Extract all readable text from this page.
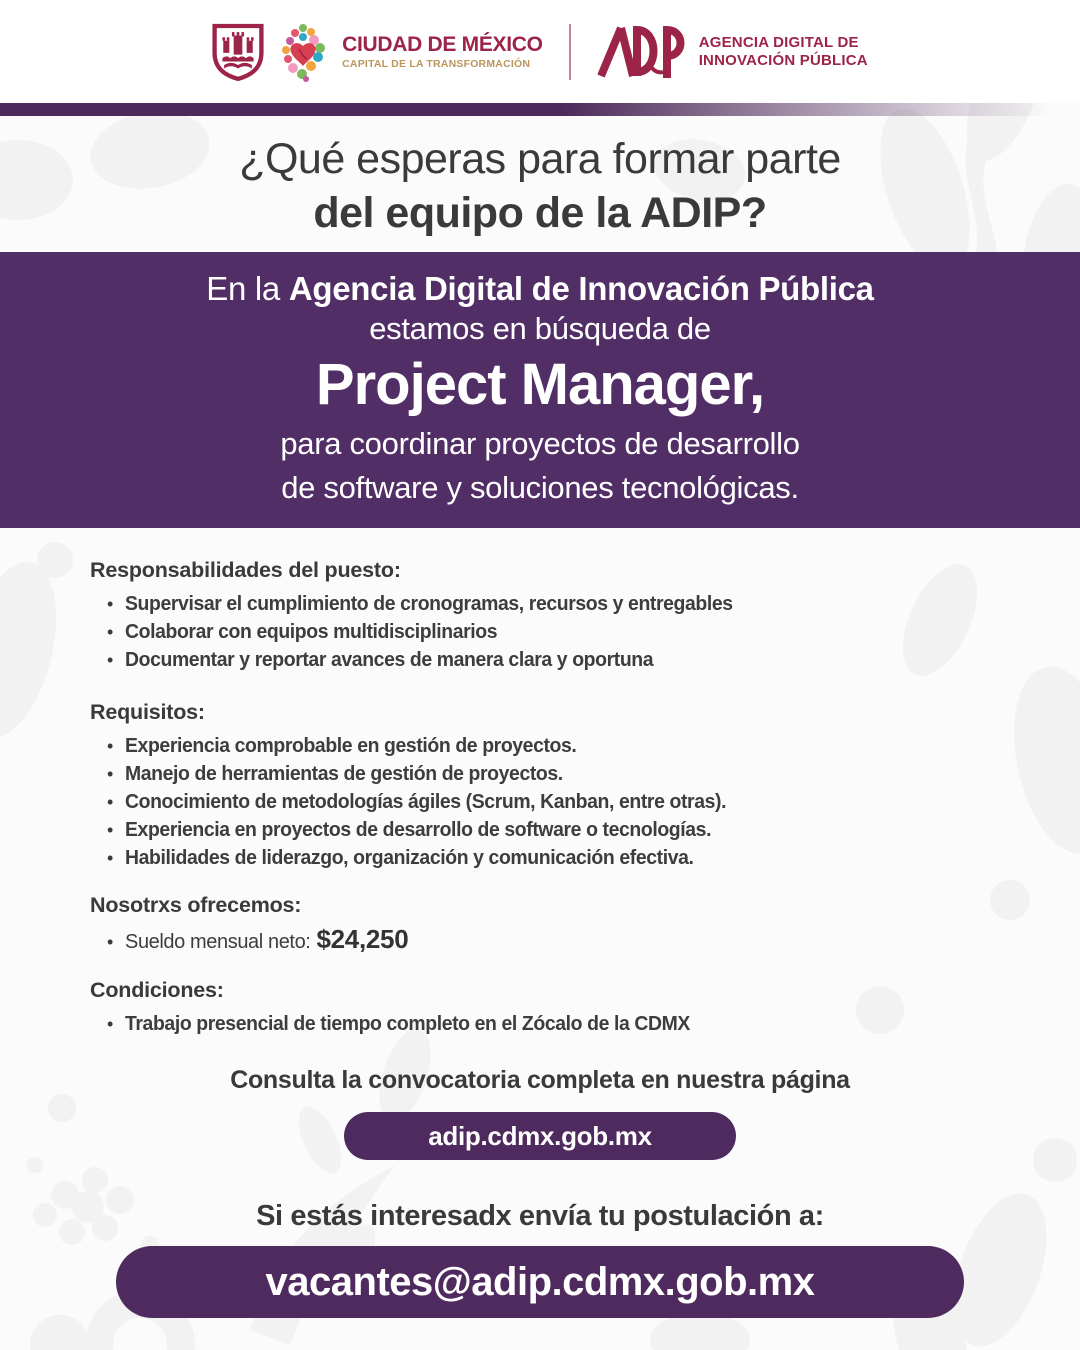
CIUDAD DE MÉXICO
CAPITAL DE LA TRANSFORMACIÓN
AGENCIA DIGITAL DE
INNOVACIÓN PÚBLICA
¿Qué esperas para formar parte
del equipo de la ADIP?
En la Agencia Digital de Innovación Pública
estamos en búsqueda de
Project Manager,
para coordinar proyectos de desarrollo
de software y soluciones tecnológicas.
Responsabilidades del puesto:
• Supervisar el cumplimiento de cronogramas, recursos y entregables
• Colaborar con equipos multidisciplinarios
• Documentar y reportar avances de manera clara y oportuna
Requisitos:
• Experiencia comprobable en gestión de proyectos.
• Manejo de herramientas de gestión de proyectos.
• Conocimiento de metodologías ágiles (Scrum, Kanban, entre otras).
• Experiencia en proyectos de desarrollo de software o tecnologías.
• Habilidades de liderazgo, organización y comunicación efectiva.
Nosotrxs ofrecemos:
• Sueldo mensual neto: $24,250
Condiciones:
• Trabajo presencial de tiempo completo en el Zócalo de la CDMX
Consulta la convocatoria completa en nuestra página
adip.cdmx.gob.mx
Si estás interesadx envía tu postulación a:
vacantes@adip.cdmx.gob.mx
